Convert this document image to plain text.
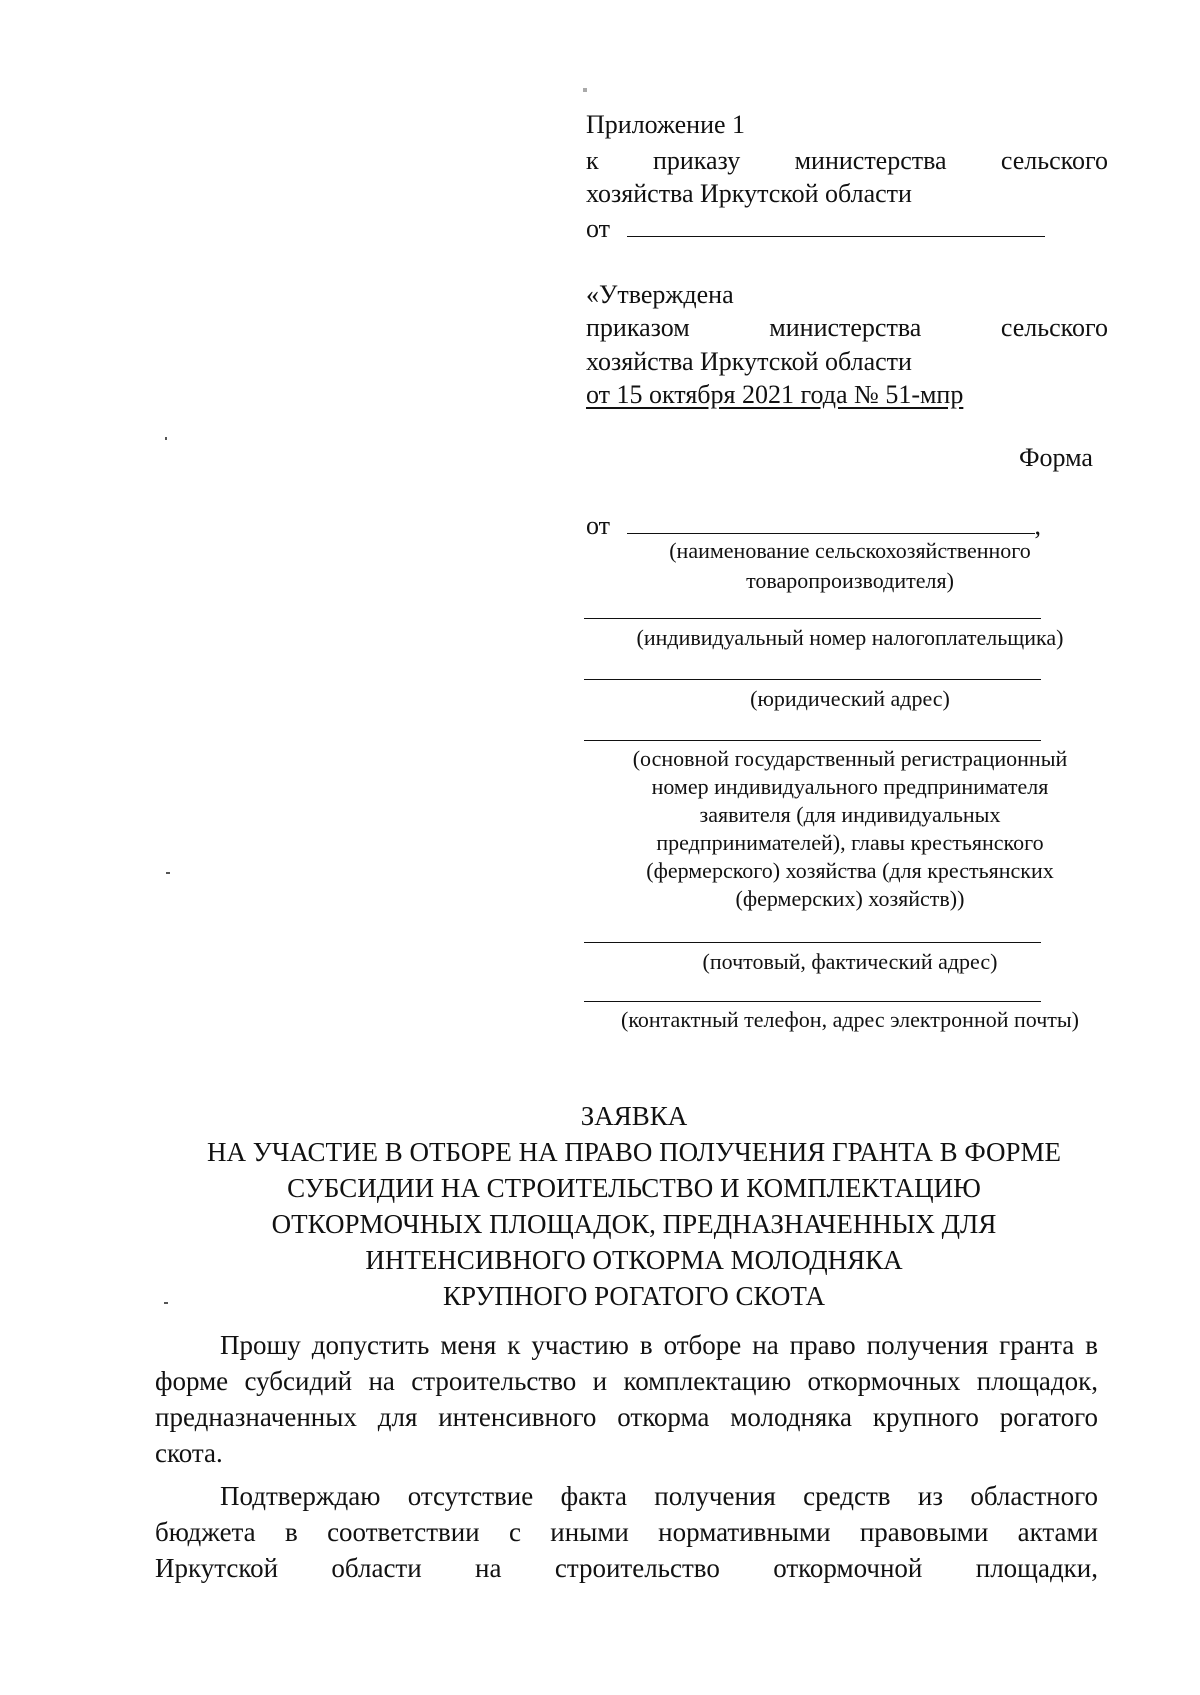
Приложение 1
к приказу министерства сельского
хозяйства Иркутской области
от
«Утверждена
приказом министерства сельского
хозяйства Иркутской области
от 15 октября 2021 года № 51-мпр
Форма
от	,
(наименование сельскохозяйственного
товаропроизводителя)
(индивидуальный номер налогоплательщика)
(юридический адрес)
(основной государственный регистрационный
номер индивидуального предпринимателя
заявителя (для индивидуальных
предпринимателей), главы крестьянского
(фермерского) хозяйства (для крестьянских
(фермерских) хозяйств))
(почтовый, фактический адрес)
(контактный телефон, адрес электронной почты)
ЗАЯВКА
НА УЧАСТИЕ В ОТБОРЕ НА ПРАВО ПОЛУЧЕНИЯ ГРАНТА В ФОРМЕ
СУБСИДИИ НА СТРОИТЕЛЬСТВО И КОМПЛЕКТАЦИЮ
ОТКОРМОЧНЫХ ПЛОЩАДОК, ПРЕДНАЗНАЧЕННЫХ ДЛЯ
ИНТЕНСИВНОГО ОТКОРМА МОЛОДНЯКА
КРУПНОГО РОГАТОГО СКОТА
Прошу допустить меня к участию в отборе на право получения гранта в
форме субсидий на строительство и комплектацию откормочных площадок,
предназначенных для интенсивного откорма молодняка крупного рогатого
скота.
Подтверждаю отсутствие факта получения средств из областного
бюджета в соответствии с иными нормативными правовыми актами
Иркутской области на строительство откормочной площадки,
